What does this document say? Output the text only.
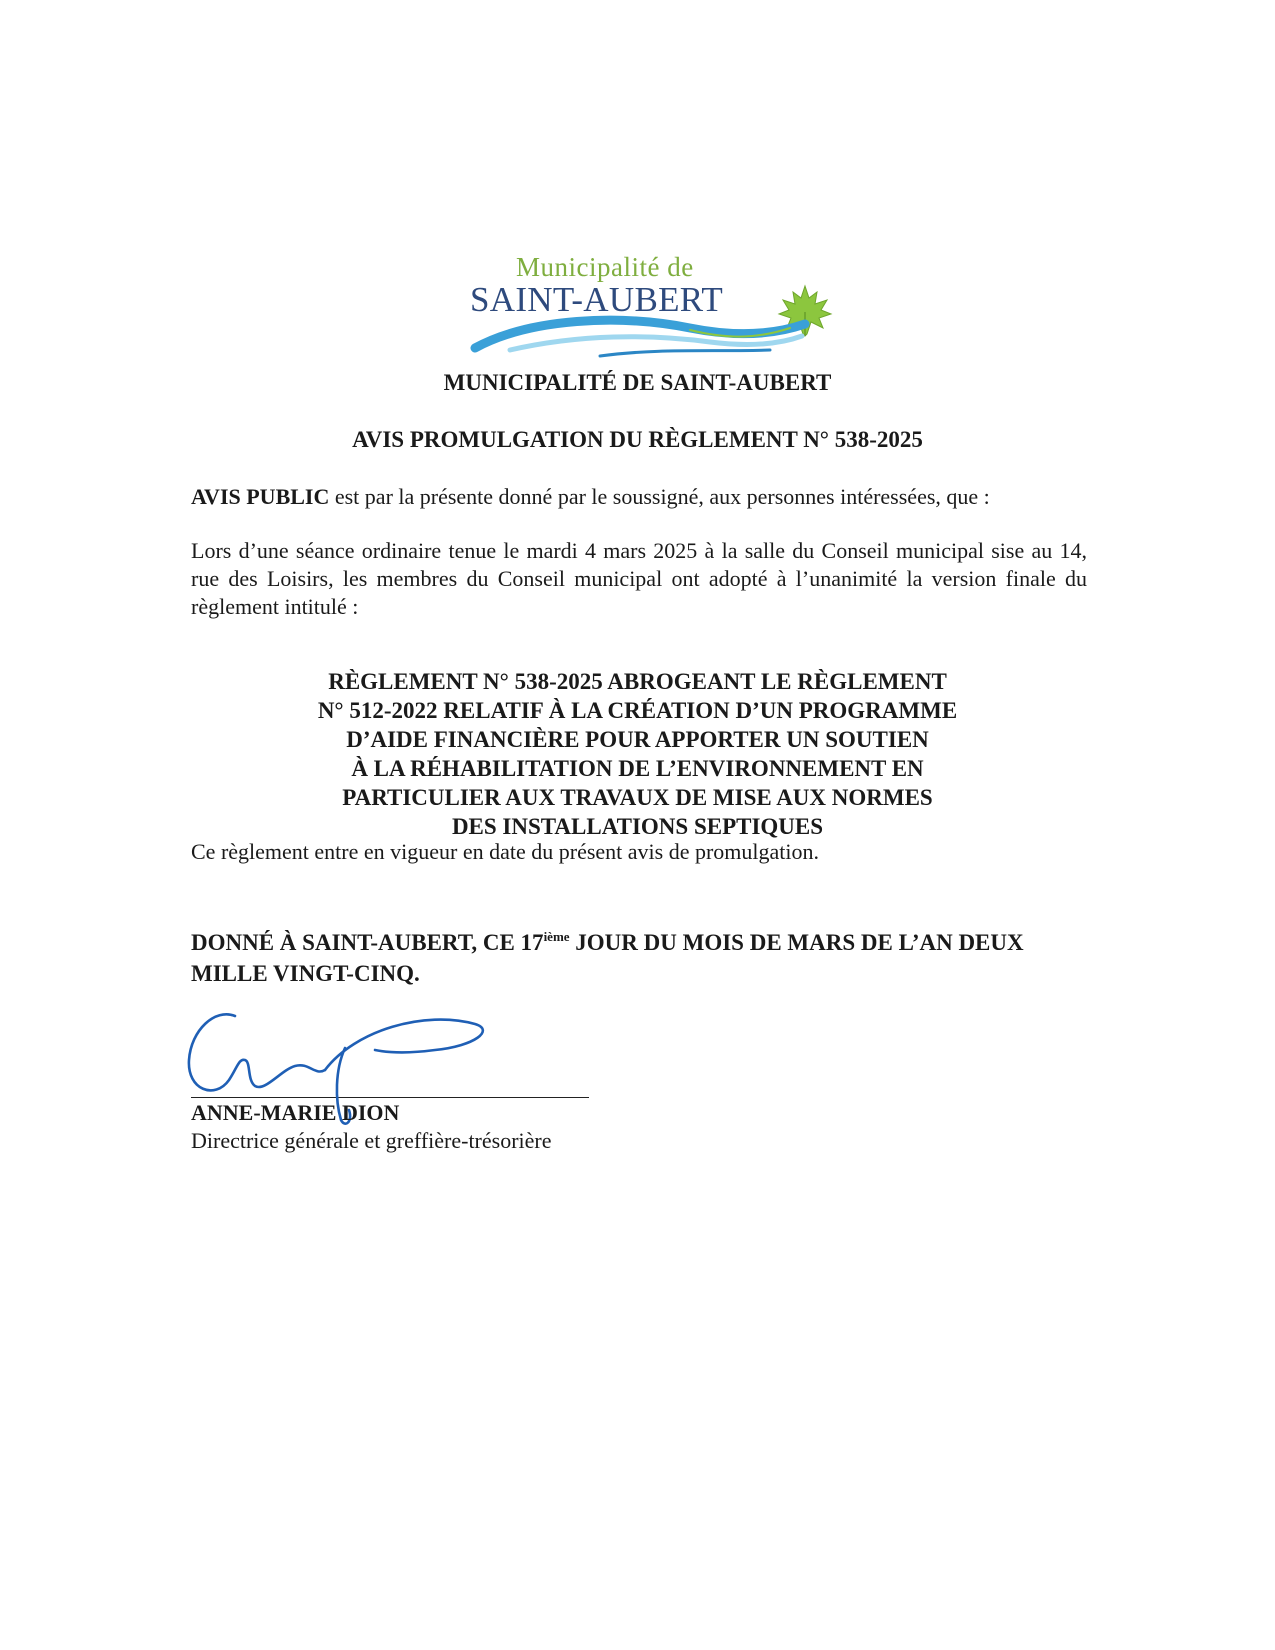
Municipalité de
SAINT-AUBERT
MUNICIPALITÉ DE SAINT-AUBERT
AVIS PROMULGATION DU RÈGLEMENT N° 538-2025
AVIS PUBLIC est par la présente donné par le soussigné, aux personnes intéressées, que :
Lors d’une séance ordinaire tenue le mardi 4 mars 2025 à la salle du Conseil municipal sise au 14, rue des Loisirs, les membres du Conseil municipal ont adopté à l’unanimité la version finale du règlement intitulé :
RÈGLEMENT N° 538-2025 ABROGEANT LE RÈGLEMENT
N° 512-2022 RELATIF À LA CRÉATION D’UN PROGRAMME
D’AIDE FINANCIÈRE POUR APPORTER UN SOUTIEN
À LA RÉHABILITATION DE L’ENVIRONNEMENT EN
PARTICULIER AUX TRAVAUX DE MISE AUX NORMES
DES INSTALLATIONS SEPTIQUES
Ce règlement entre en vigueur en date du présent avis de promulgation.
DONNÉ À SAINT-AUBERT, CE 17ième JOUR DU MOIS DE MARS DE L’AN DEUX MILLE VINGT-CINQ.
ANNE-MARIE DION
Directrice générale et greffière-trésorière
